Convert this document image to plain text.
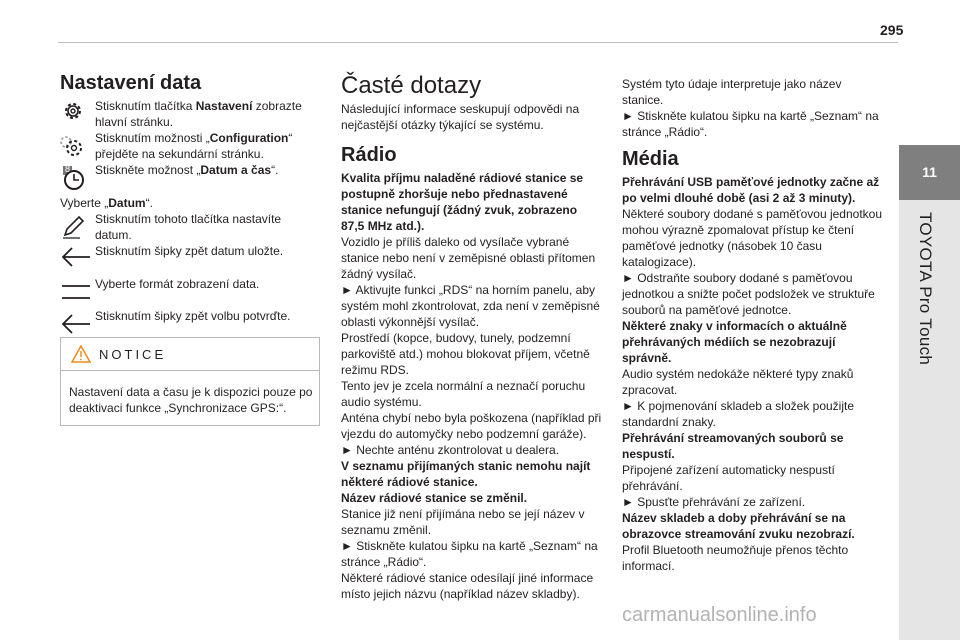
295
11
TOYOTA Pro Touch
Nastavení data
Stisknutím tlačítka Nastavení zobrazte hlavní stránku.
Stisknutím možnosti „Configuration“ přejděte na sekundární stránku.
8 Stiskněte možnost „Datum a čas“.
Vyberte „Datum“.
Stisknutím tohoto tlačítka nastavíte datum.
Stisknutím šipky zpět datum uložte.
Vyberte formát zobrazení data.
Stisknutím šipky zpět volbu potvrďte.
NOTICE
Nastavení data a času je k dispozici pouze po deaktivaci funkce „Synchronizace GPS:“.
Časté dotazy
Následující informace seskupují odpovědi na nejčastější otázky týkající se systému.
Rádio
Kvalita příjmu naladěné rádiové stanice se postupně zhoršuje nebo přednastavené stanice nefungují (žádný zvuk, zobrazeno 87,5 MHz atd.).
Vozidlo je příliš daleko od vysílače vybrané stanice nebo není v zeměpisné oblasti přítomen žádný vysílač.
► Aktivujte funkci „RDS“ na horním panelu, aby systém mohl zkontrolovat, zda není v zeměpisné oblasti výkonnější vysílač.
Prostředí (kopce, budovy, tunely, podzemní parkoviště atd.) mohou blokovat příjem, včetně režimu RDS.
Tento jev je zcela normální a neznačí poruchu audio systému.
Anténa chybí nebo byla poškozena (například při vjezdu do automyčky nebo podzemní garáže).
► Nechte anténu zkontrolovat u dealera.
V seznamu přijímaných stanic nemohu najít některé rádiové stanice.
Název rádiové stanice se změnil.
Stanice již není přijímána nebo se její název v seznamu změnil.
► Stiskněte kulatou šipku na kartě „Seznam“ na stránce „Rádio“.
Některé rádiové stanice odesílají jiné informace místo jejich názvu (například název skladby).
Systém tyto údaje interpretuje jako název stanice.
► Stiskněte kulatou šipku na kartě „Seznam“ na stránce „Rádio“.
Média
Přehrávání USB paměťové jednotky začne až po velmi dlouhé době (asi 2 až 3 minuty).
Některé soubory dodané s paměťovou jednotkou mohou výrazně zpomalovat přístup ke čtení paměťové jednotky (násobek 10 času katalogizace).
► Odstraňte soubory dodané s paměťovou jednotkou a snižte počet podsložek ve struktuře souborů na paměťové jednotce.
Některé znaky v informacích o aktuálně přehrávaných médiích se nezobrazují správně.
Audio systém nedokáže některé typy znaků zpracovat.
► K pojmenování skladeb a složek použijte standardní znaky.
Přehrávání streamovaných souborů se nespustí.
Připojené zařízení automaticky nespustí přehrávání.
► Spusťte přehrávání ze zařízení.
Název skladeb a doby přehrávání se na obrazovce streamování zvuku nezobrazí.
Profil Bluetooth neumožňuje přenos těchto informací.
carmanualsonline.info
